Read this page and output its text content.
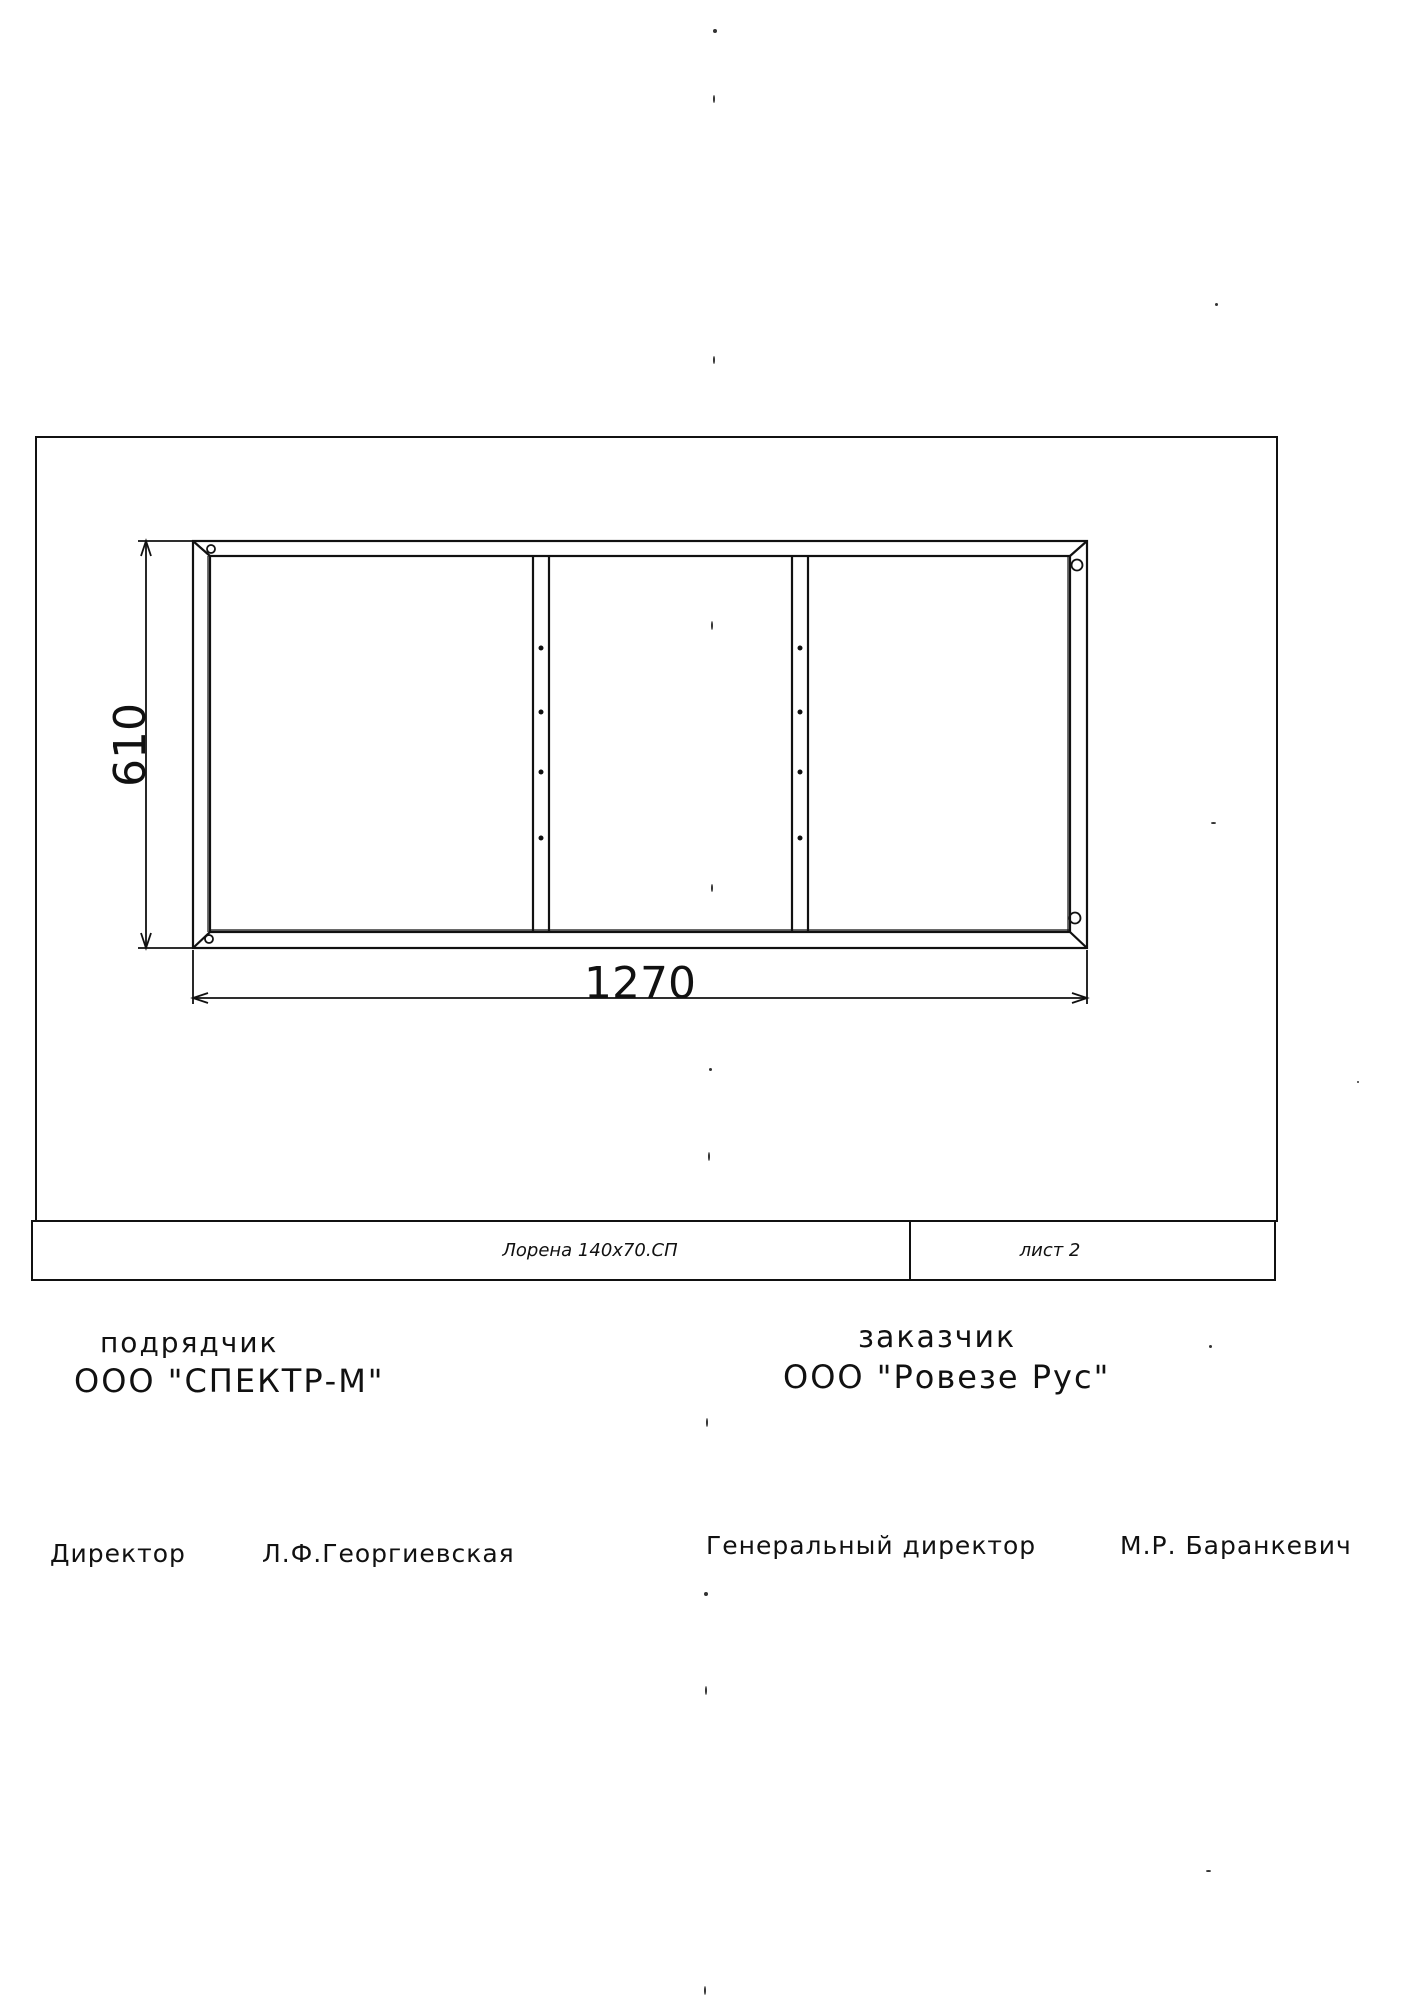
Лорена 140х70.СП	лист 2
610
1270
подрядчик
ООО "СПЕКТР-М"
заказчик
ООО "Ровезе Рус"
Директор	Л.Ф.Георгиевская	Генеральный директор	М.Р. Баранкевич
